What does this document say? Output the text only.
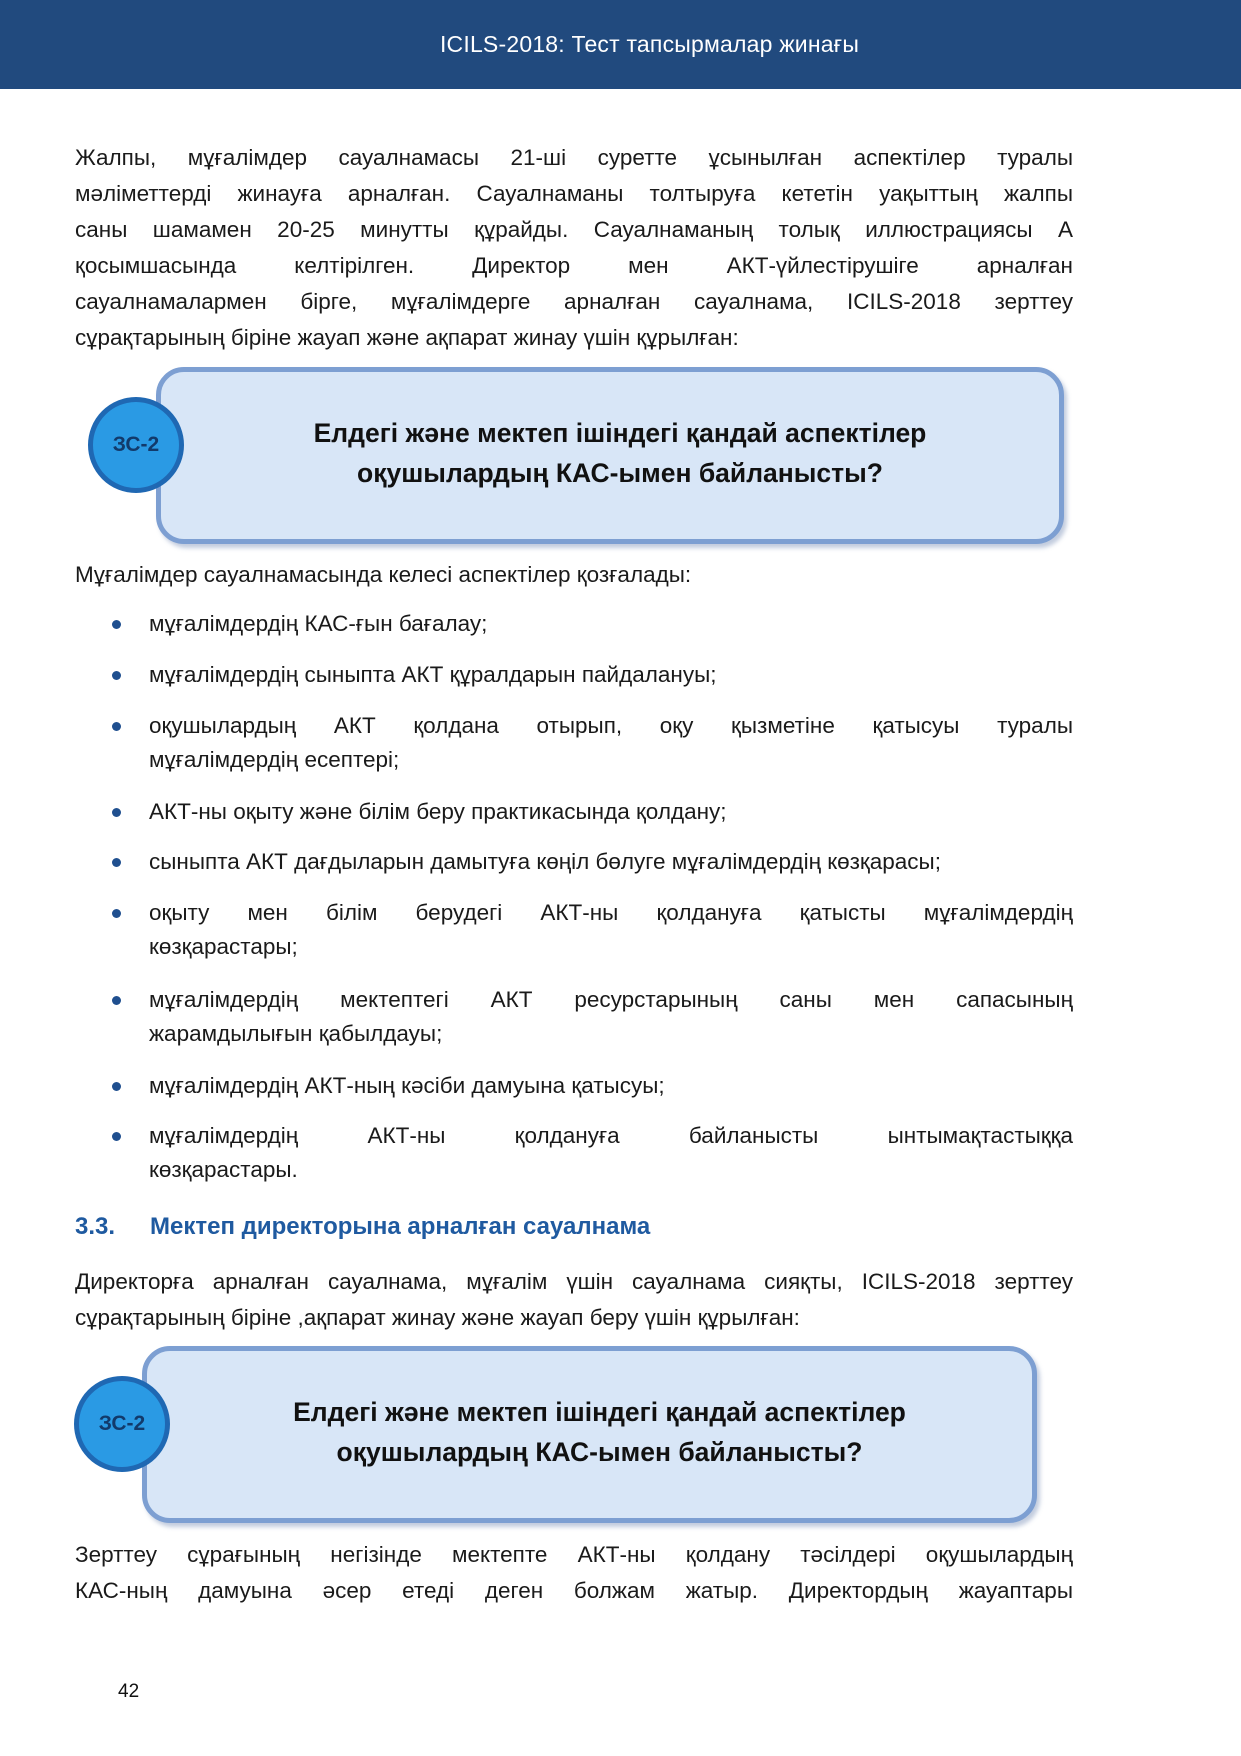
ICILS-2018: Тест тапсырмалар жинағы
Жалпы, мұғалімдер сауалнамасы 21-ші суретте ұсынылған аспектілер туралы
мәліметтерді жинауға арналған. Сауалнаманы толтыруға кететін уақыттың жалпы
саны шамамен 20-25 минутты құрайды. Сауалнаманың толық иллюстрациясы А
қосымшасында келтірілген. Директор мен АКТ-үйлестірушіге арналған
сауалнамалармен бірге, мұғалімдерге арналған сауалнама, ICILS-2018 зерттеу
сұрақтарының біріне жауап және ақпарат жинау үшін құрылған:
Елдегі және мектеп ішіндегі қандай аспектілер
оқушылардың КАС-ымен байланысты?
ЗС-2
Мұғалімдер сауалнамасында келесі аспектілер қозғалады:
мұғалімдердің КАС-ғын бағалау;
мұғалімдердің сыныпта АКТ құралдарын пайдалануы;
оқушылардың АКТ қолдана отырып, оқу қызметіне қатысуы туралы
мұғалімдердің есептері;
АКТ-ны оқыту және білім беру практикасында қолдану;
сыныпта АКТ дағдыларын дамытуға көңіл бөлуге мұғалімдердің көзқарасы;
оқыту мен білім берудегі АКТ-ны қолдануға қатысты мұғалімдердің
көзқарастары;
мұғалімдердің мектептегі АКТ ресурстарының саны мен сапасының
жарамдылығын қабылдауы;
мұғалімдердің АКТ-ның кәсіби дамуына қатысуы;
мұғалімдердің АКТ-ны қолдануға байланысты ынтымақтастыққа
көзқарастары.
3.3. Мектеп директорына арналған сауалнама
Директорға арналған сауалнама, мұғалім үшін сауалнама сияқты, ICILS-2018 зерттеу
сұрақтарының біріне ,ақпарат жинау және жауап беру үшін құрылған:
Елдегі және мектеп ішіндегі қандай аспектілер
оқушылардың КАС-ымен байланысты?
ЗС-2
Зерттеу сұрағының негізінде мектепте АКТ-ны қолдану тәсілдері оқушылардың
КАС-ның дамуына әсер етеді деген болжам жатыр. Директордың жауаптары
42
